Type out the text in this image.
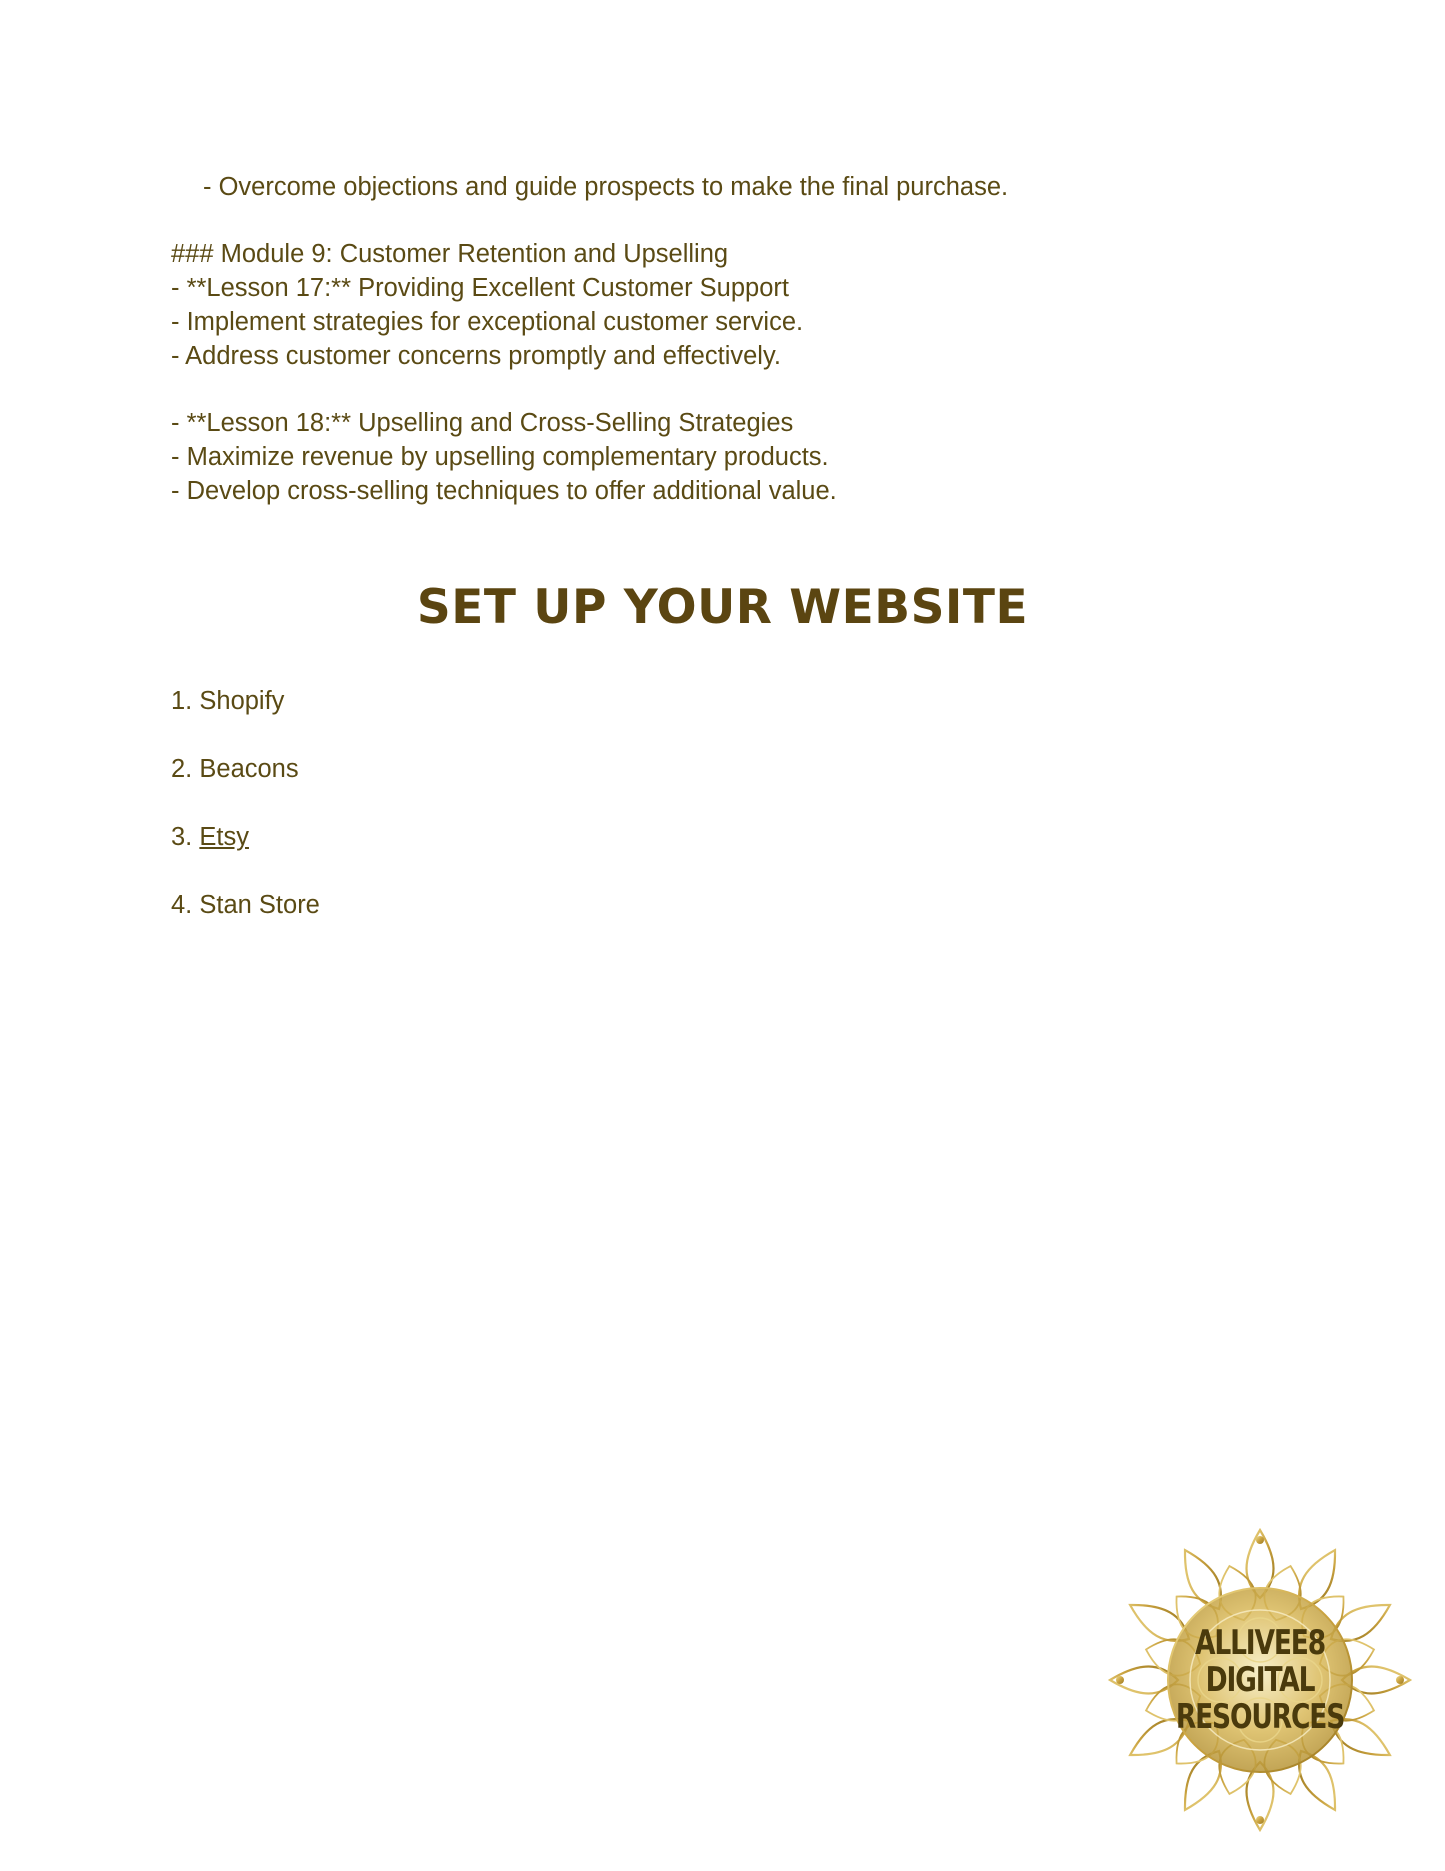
- Overcome objections and guide prospects to make the final purchase.
### Module 9: Customer Retention and Upselling
- **Lesson 17:** Providing Excellent Customer Support
- Implement strategies for exceptional customer service.
- Address customer concerns promptly and effectively.
- **Lesson 18:** Upselling and Cross-Selling Strategies
- Maximize revenue by upselling complementary products.
- Develop cross-selling techniques to offer additional value.
SET UP YOUR WEBSITE
1. Shopify
2. Beacons
3. Etsy
4. Stan Store
ALLIVEE8
DIGITAL
RESOURCES
